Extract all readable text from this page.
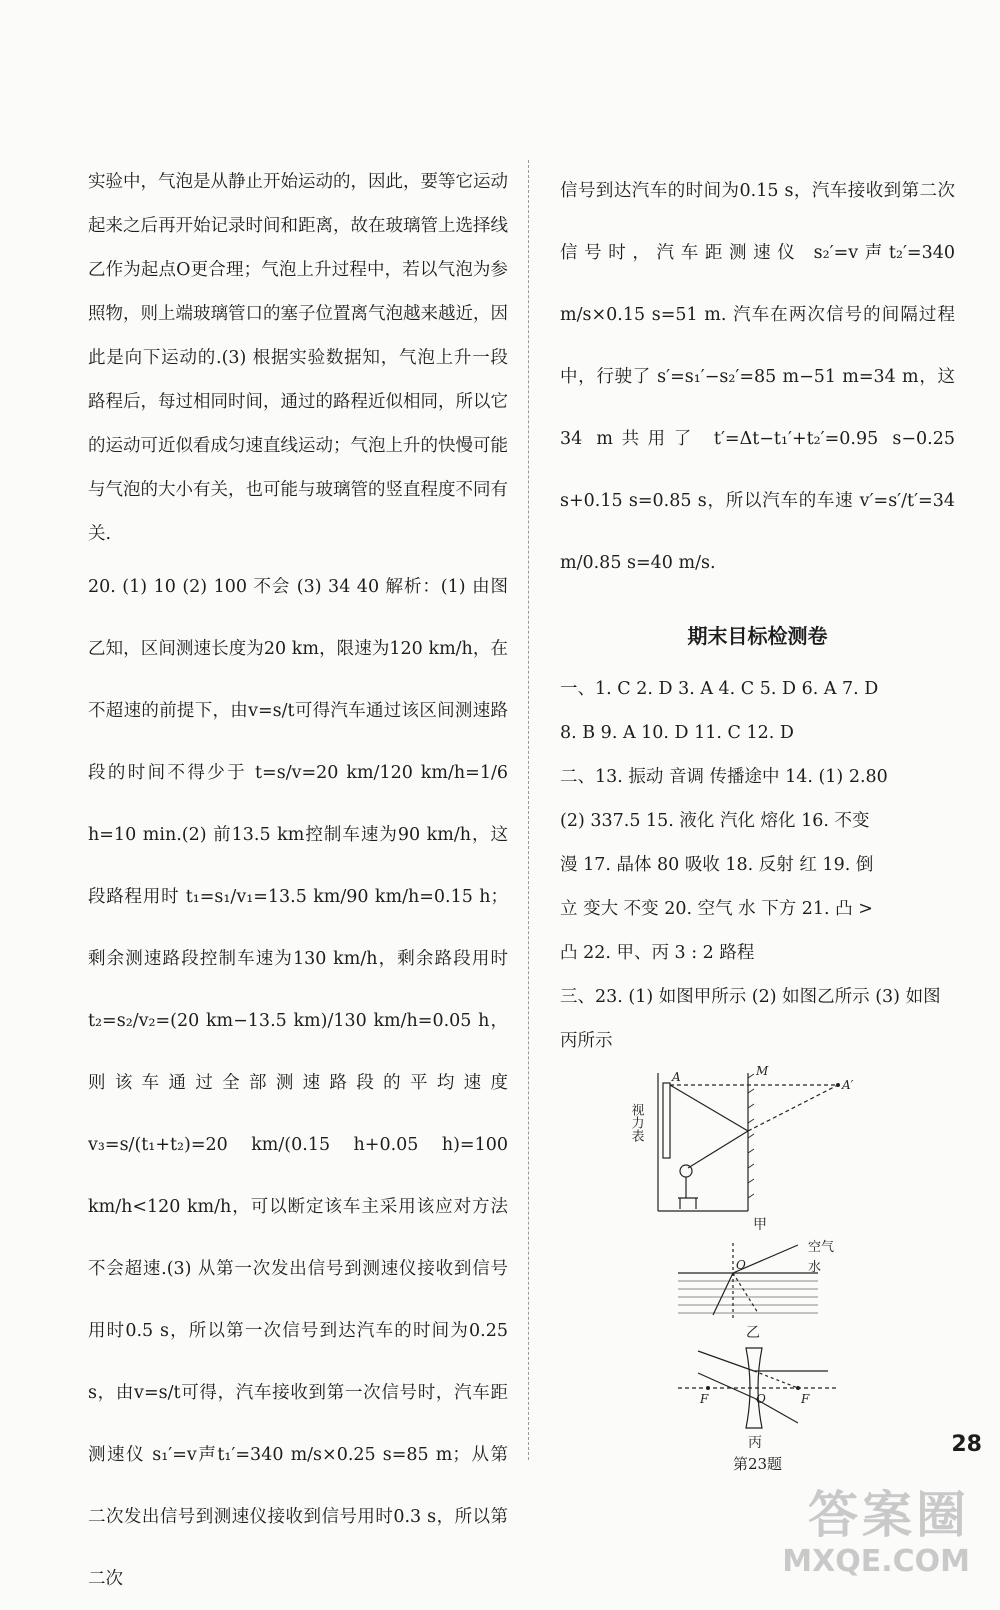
实验中，气泡是从静止开始运动的，因此，要等它运动起来之后再开始记录时间和距离，故在玻璃管上选择线乙作为起点O更合理；气泡上升过程中，若以气泡为参照物，则上端玻璃管口的塞子位置离气泡越来越近，因此是向下运动的.(3) 根据实验数据知，气泡上升一段路程后，每过相同时间，通过的路程近似相同，所以它的运动可近似看成匀速直线运动；气泡上升的快慢可能与气泡的大小有关，也可能与玻璃管的竖直程度不同有关.

20. (1) 10 (2) 100 不会 (3) 34 40 解析：(1) 由图乙知，区间测速长度为20 km，限速为120 km/h，在不超速的前提下，由v=s/t可得汽车通过该区间测速路段的时间不得少于 t=s/v=20 km/120 km/h=1/6 h=10 min.(2) 前13.5 km控制车速为90 km/h，这段路程用时 t₁=s₁/v₁=13.5 km/90 km/h=0.15 h；剩余测速路段控制车速为130 km/h，剩余路段用时 t₂=s₂/v₂=(20 km−13.5 km)/130 km/h=0.05 h，则该车通过全部测速路段的平均速度 v₃=s/(t₁+t₂)=20 km/(0.15 h+0.05 h)=100 km/h<120 km/h，可以断定该车主采用该应对方法不会超速.(3) 从第一次发出信号到测速仪接收到信号用时0.5 s，所以第一次信号到达汽车的时间为0.25 s，由v=s/t可得，汽车接收到第一次信号时，汽车距测速仪 s₁′=v声t₁′=340 m/s×0.25 s=85 m；从第二次发出信号到测速仪接收到信号用时0.3 s，所以第二次

信号到达汽车的时间为0.15 s，汽车接收到第二次信号时，汽车距测速仪 s₂′=v声t₂′=340 m/s×0.15 s=51 m. 汽车在两次信号的间隔过程中，行驶了 s′=s₁′−s₂′=85 m−51 m=34 m，这34 m共用了 t′=Δt−t₁′+t₂′=0.95 s−0.25 s+0.15 s=0.85 s，所以汽车的车速 v′=s′/t′=34 m/0.85 s=40 m/s.

期末目标检测卷

一、1. C 2. D 3. A 4. C 5. D 6. A 7. D

8. B 9. A 10. D 11. C 12. D

二、13. 振动 音调 传播途中 14. (1) 2.80

(2) 337.5 15. 液化 汽化 熔化 16. 不变

漫 17. 晶体 80 吸收 18. 反射 红 19. 倒

立 变大 不变 20. 空气 水 下方 21. 凸 >

凸 22. 甲、丙 3 : 2 路程

三、23. (1) 如图甲所示 (2) 如图乙所示 (3) 如图丙所示

视力表
A
A′
M
甲
O
空气
水
乙
F	F
O
丙

第23题

28
答案圈
MXQE.COM
